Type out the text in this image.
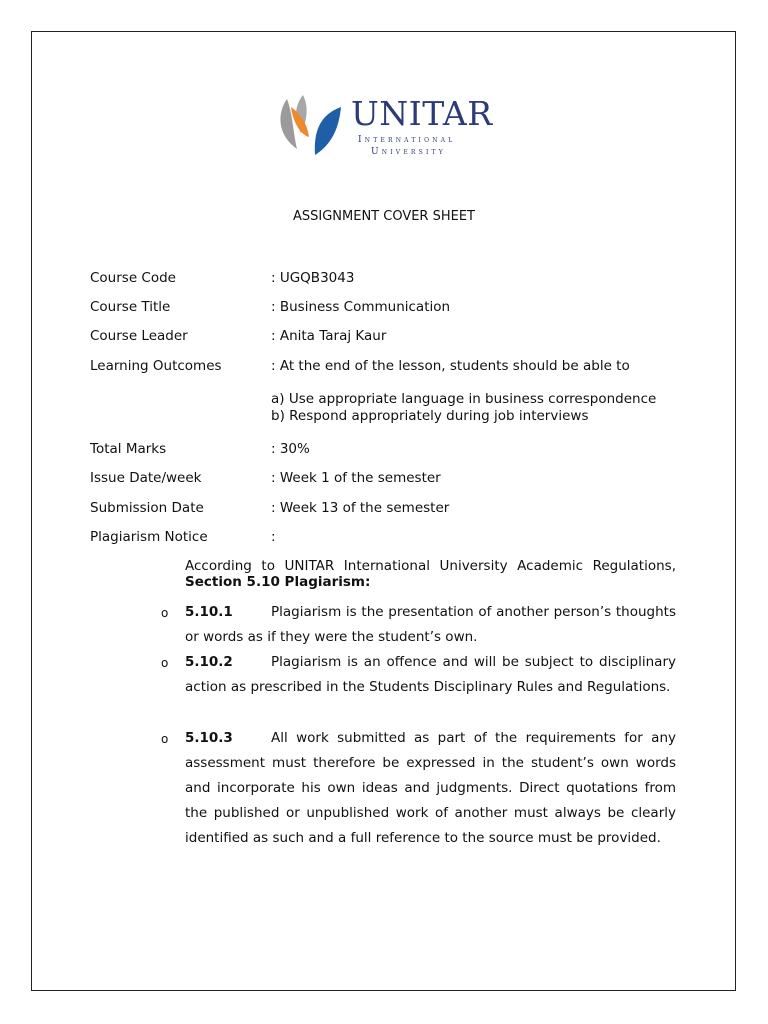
UNITAR
International
University
ASSIGNMENT COVER SHEET
Course Code	: UGQB3043
Course Title	: Business Communication
Course Leader	: Anita Taraj Kaur
Learning Outcomes	: At the end of the lesson, students should be able to
a) Use appropriate language in business correspondence
b) Respond appropriately during job interviews
Total Marks	: 30%
Issue Date/week	: Week 1 of the semester
Submission Date	: Week 13 of the semester
Plagiarism Notice	:
According to UNITAR International University Academic Regulations,
Section 5.10 Plagiarism:
o 5.10.1	Plagiarism is the presentation of another person’s thoughts or words as if they were the student’s own.
o 5.10.2	Plagiarism is an offence and will be subject to disciplinary action as prescribed in the Students Disciplinary Rules and Regulations.
o 5.10.3	All work submitted as part of the requirements for any assessment must therefore be expressed in the student’s own words and incorporate his own ideas and judgments. Direct quotations from the published or unpublished work of another must always be clearly identified as such and a full reference to the source must be provided.
